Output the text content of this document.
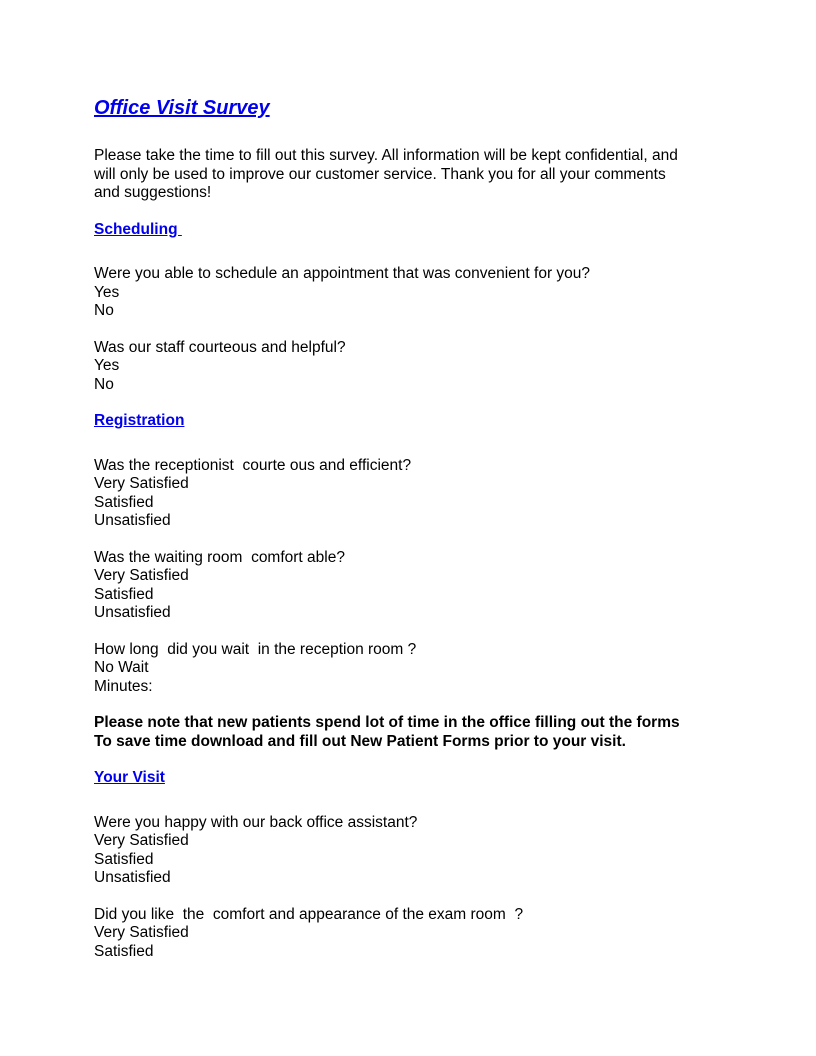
Office Visit Survey

Please take the time to fill out this survey. All information will be kept confidential, and will only be used to improve our customer service. Thank you for all your comments and suggestions!

Scheduling
Were you able to schedule an appointment that was convenient for you?
Yes
No
Was our staff courteous and helpful?
Yes
No
Registration
Was the receptionist  courte ous and efficient?
Very Satisfied
Satisfied
Unsatisfied
Was the waiting room  comfort able?
Very Satisfied
Satisfied
Unsatisfied
How long  did you wait  in the reception room ?
No Wait
Minutes:
Please note that new patients spend lot of time in the office filling out the forms
To save time download and fill out New Patient Forms prior to your visit.
Your Visit
Were you happy with our back office assistant?
Very Satisfied
Satisfied
Unsatisfied
Did you like  the  comfort and appearance of the exam room  ?
Very Satisfied
Satisfied
